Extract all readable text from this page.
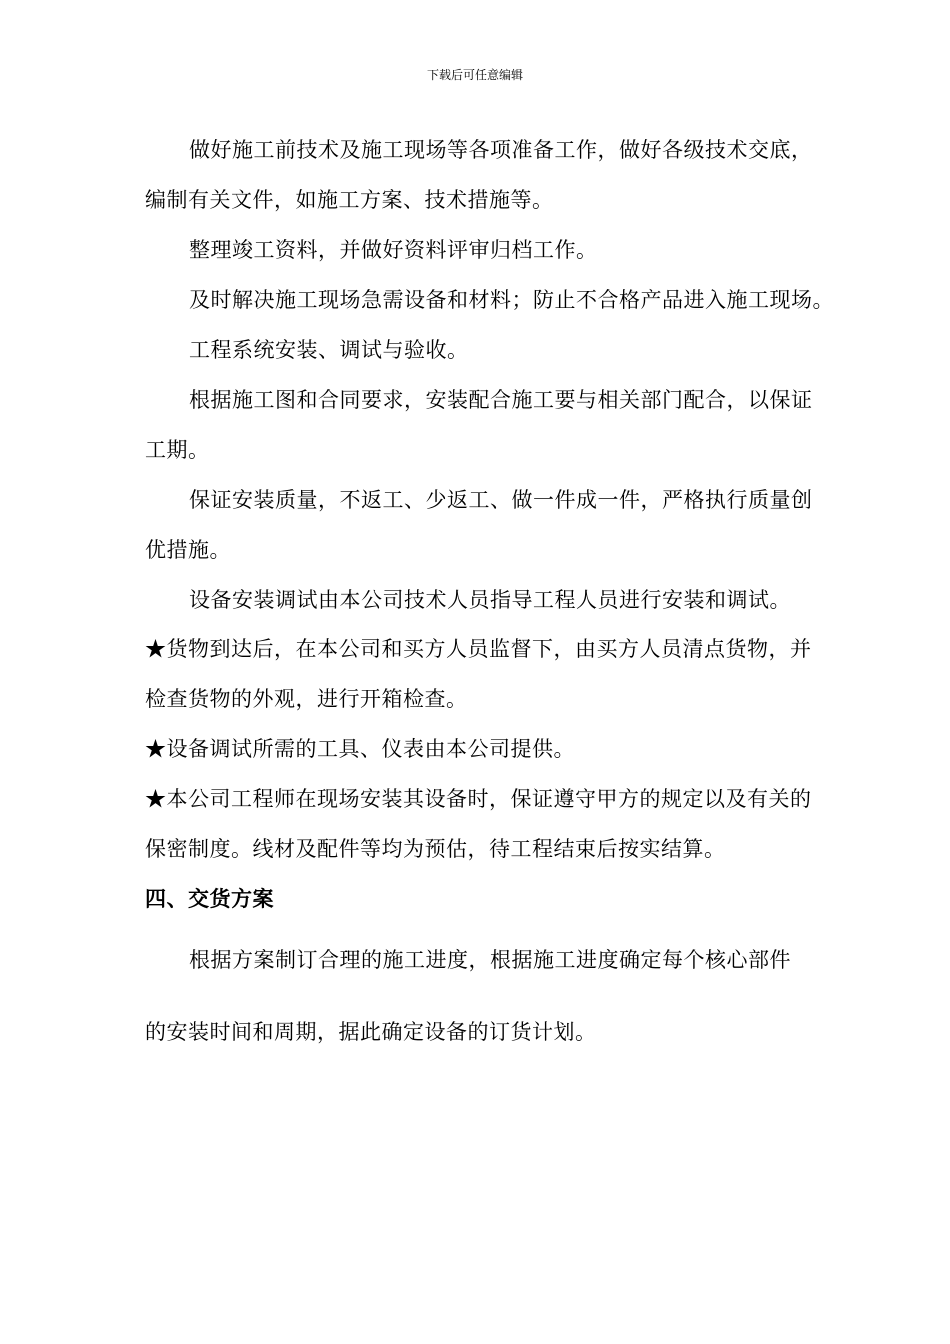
下载后可任意编辑
做好施工前技术及施工现场等各项准备工作，做好各级技术交底，
编制有关文件，如施工方案、技术措施等。
整理竣工资料，并做好资料评审归档工作。
及时解决施工现场急需设备和材料；防止不合格产品进入施工现场。
工程系统安装、调试与验收。
根据施工图和合同要求，安装配合施工要与相关部门配合，以保证
工期。
保证安装质量，不返工、少返工、做一件成一件，严格执行质量创
优措施。
设备安装调试由本公司技术人员指导工程人员进行安装和调试。
★货物到达后，在本公司和买方人员监督下，由买方人员清点货物，并
检查货物的外观，进行开箱检查。
★设备调试所需的工具、仪表由本公司提供。
★本公司工程师在现场安装其设备时，保证遵守甲方的规定以及有关的
保密制度。线材及配件等均为预估，待工程结束后按实结算。
四、交货方案
根据方案制订合理的施工进度，根据施工进度确定每个核心部件
的安装时间和周期，据此确定设备的订货计划。
